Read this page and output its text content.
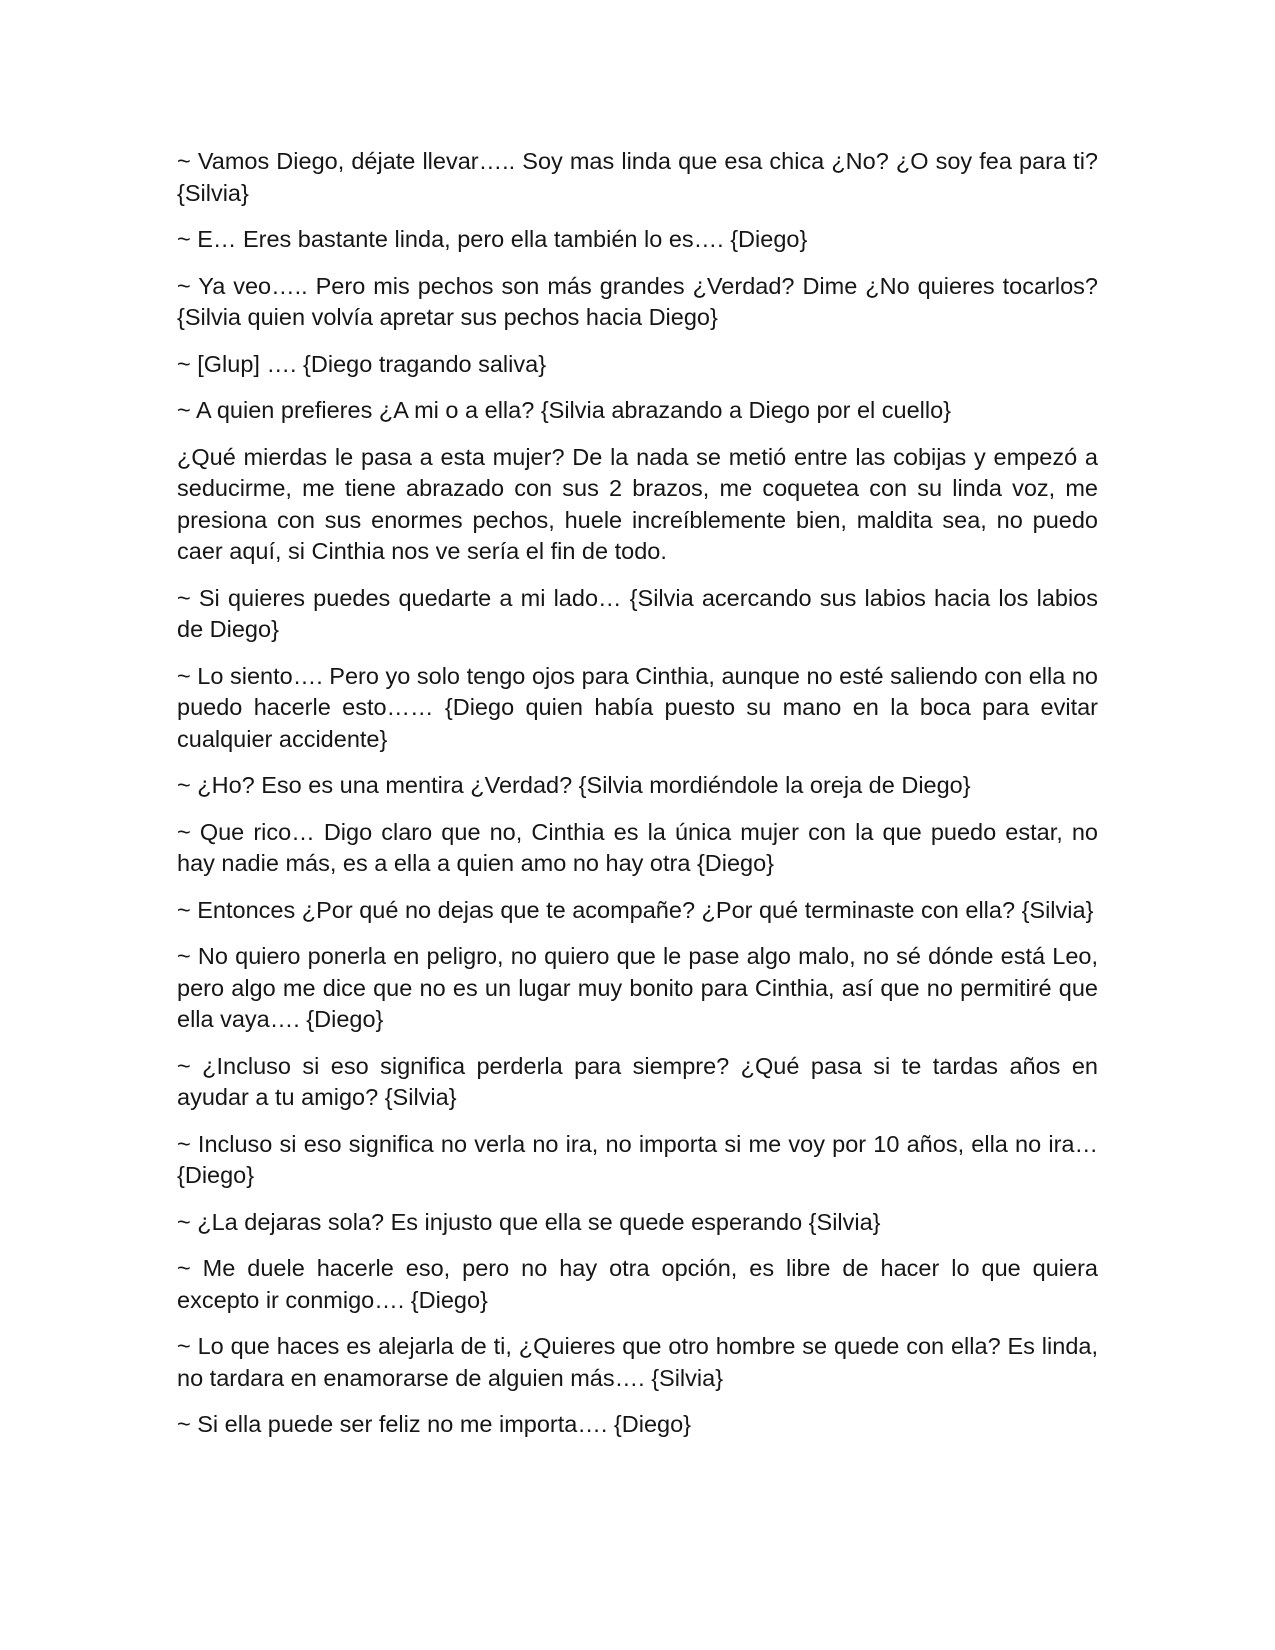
~ Vamos Diego, déjate llevar….. Soy mas linda que esa chica ¿No? ¿O soy fea para ti? {Silvia}

~ E… Eres bastante linda, pero ella también lo es…. {Diego}

~ Ya veo….. Pero mis pechos son más grandes ¿Verdad? Dime ¿No quieres tocarlos? {Silvia quien volvía apretar sus pechos hacia Diego}

~ [Glup] …. {Diego tragando saliva}

~ A quien prefieres ¿A mi o a ella? {Silvia abrazando a Diego por el cuello}

¿Qué mierdas le pasa a esta mujer? De la nada se metió entre las cobijas y empezó a seducirme, me tiene abrazado con sus 2 brazos, me coquetea con su linda voz, me presiona con sus enormes pechos, huele increíblemente bien, maldita sea, no puedo caer aquí, si Cinthia nos ve sería el fin de todo.

~ Si quieres puedes quedarte a mi lado… {Silvia acercando sus labios hacia los labios de Diego}

~ Lo siento…. Pero yo solo tengo ojos para Cinthia, aunque no esté saliendo con ella no puedo hacerle esto…… {Diego quien había puesto su mano en la boca para evitar cualquier accidente}

~ ¿Ho? Eso es una mentira ¿Verdad? {Silvia mordiéndole la oreja de Diego}

~ Que rico… Digo claro que no, Cinthia es la única mujer con la que puedo estar, no hay nadie más, es a ella a quien amo no hay otra {Diego}

~ Entonces ¿Por qué no dejas que te acompañe? ¿Por qué terminaste con ella? {Silvia}

~ No quiero ponerla en peligro, no quiero que le pase algo malo, no sé dónde está Leo, pero algo me dice que no es un lugar muy bonito para Cinthia, así que no permitiré que ella vaya…. {Diego}

~ ¿Incluso si eso significa perderla para siempre? ¿Qué pasa si te tardas años en ayudar a tu amigo? {Silvia}

~ Incluso si eso significa no verla no ira, no importa si me voy por 10 años, ella no ira… {Diego}

~ ¿La dejaras sola? Es injusto que ella se quede esperando {Silvia}

~ Me duele hacerle eso, pero no hay otra opción, es libre de hacer lo que quiera excepto ir conmigo…. {Diego}

~ Lo que haces es alejarla de ti, ¿Quieres que otro hombre se quede con ella? Es linda, no tardara en enamorarse de alguien más…. {Silvia}

~ Si ella puede ser feliz no me importa…. {Diego}
